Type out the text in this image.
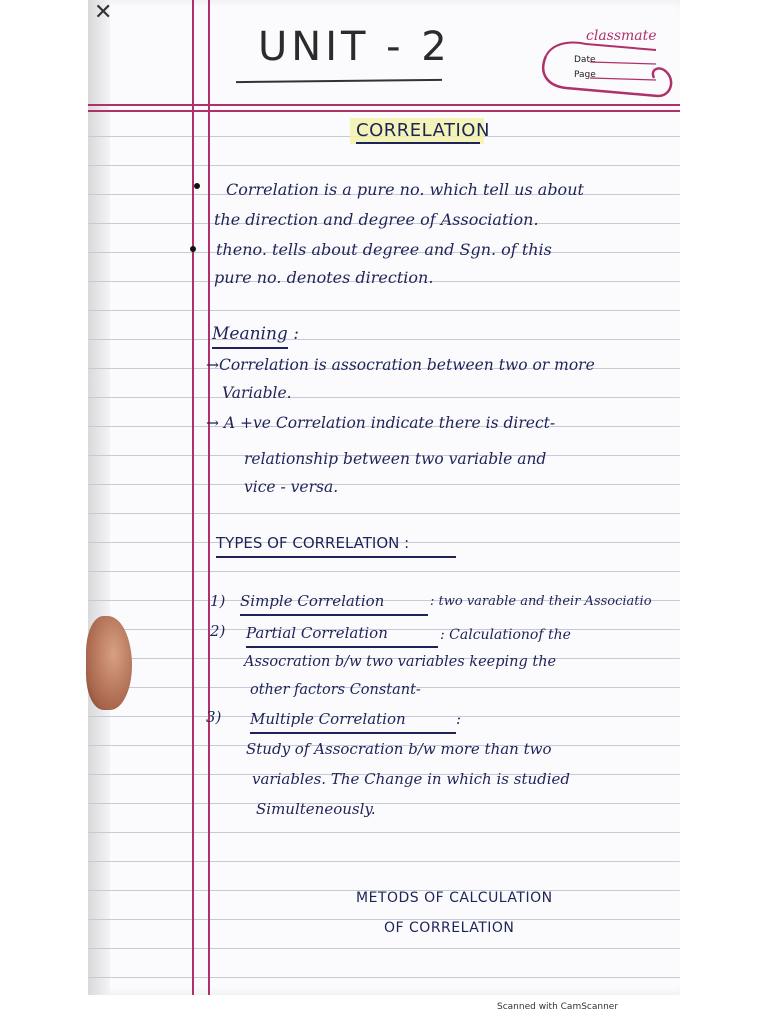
✕
classmate
Date
Page
UNIT - 2
CORRELATION
Correlation is a pure no. which tell us about
the direction and degree of Association.
theno. tells about degree and Sgn. of this
pure no. denotes direction.
Meaning :
→Correlation is assocration between two or more
Variable.
→ A +ve Correlation indicate there is direct-
relationship between two variable and
vice - versa.
TYPES OF CORRELATION :
1) Simple Correlation	: two varable and their Associatio
2) Partial Correlation	: Calculationof the
Assocration b/w two variables keeping the
other factors Constant-
3) Multiple Correlation	:
Study of Assocration b/w more than two
variables. The Change in which is studied
Simulteneously.
METODS OF CALCULATION
OF CORRELATION
Scanned with CamScanner
